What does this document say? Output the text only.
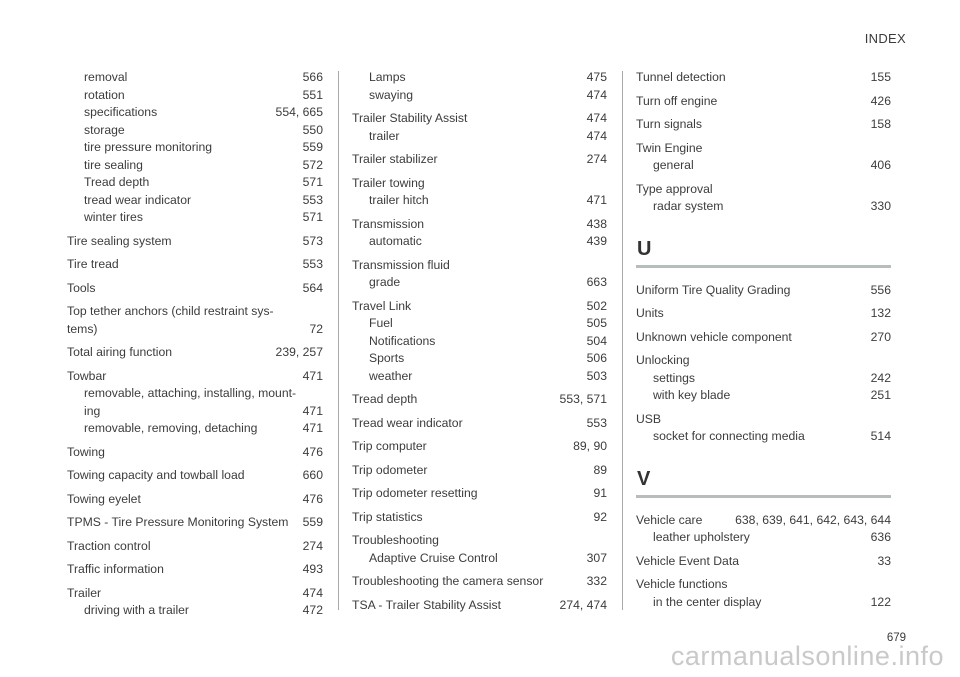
INDEX
removal	566
rotation	551
specifications	554, 665
storage	550
tire pressure monitoring	559
tire sealing	572
Tread depth	571
tread wear indicator	553
winter tires	571
Tire sealing system	573
Tire tread	553
Tools	564
Top tether anchors (child restraint sys-
tems)	72
Total airing function	239, 257
Towbar	471
removable, attaching, installing, mount-
ing	471
removable, removing, detaching	471
Towing	476
Towing capacity and towball load	660
Towing eyelet	476
TPMS - Tire Pressure Monitoring System	559
Traction control	274
Traffic information	493
Trailer	474
driving with a trailer	472
Lamps	475
swaying	474
Trailer Stability Assist	474
trailer	474
Trailer stabilizer	274
Trailer towing
trailer hitch	471
Transmission	438
automatic	439
Transmission fluid
grade	663
Travel Link	502
Fuel	505
Notifications	504
Sports	506
weather	503
Tread depth	553, 571
Tread wear indicator	553
Trip computer	89, 90
Trip odometer	89
Trip odometer resetting	91
Trip statistics	92
Troubleshooting
Adaptive Cruise Control	307
Troubleshooting the camera sensor	332
TSA - Trailer Stability Assist	274, 474
Tunnel detection	155
Turn off engine	426
Turn signals	158
Twin Engine
general	406
Type approval
radar system	330
U
Uniform Tire Quality Grading	556
Units	132
Unknown vehicle component	270
Unlocking
settings	242
with key blade	251
USB
socket for connecting media	514
V
Vehicle care	638, 639, 641, 642, 643, 644
leather upholstery	636
Vehicle Event Data	33
Vehicle functions
in the center display	122
679
carmanualsonline.info
